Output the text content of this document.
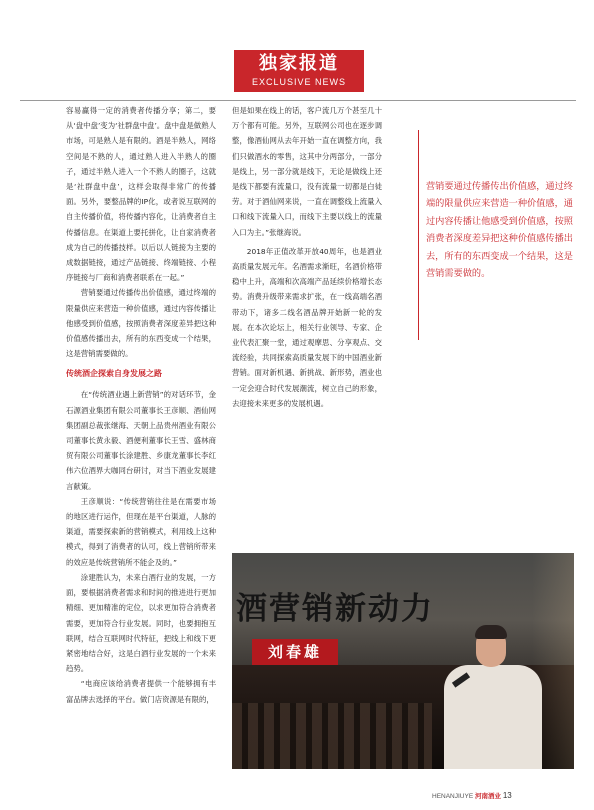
独家报道
EXCLUSIVE NEWS

容易赢得一定的消费者传播分享；第二，要从‘盘中盘’变为‘社群盘中盘’。盘中盘是做熟人市场，可是熟人是有限的。酒是半熟人，网络空间是不熟的人，通过熟人进入半熟人的圈子，通过半熟人进入一个不熟人的圈子，这就是‘社群盘中盘’，这样会取得非常广的传播面。另外，要整品牌的IP化，或者说互联网的自主传播价值，将传播内容化，让消费者自主传播信息。在渠道上要托拼化，让自家消费者成为自己的传播技样。以后以人链接为主要的成数据链接，通过产品链接、终端链接、小程序链接与厂商和消费者联系在一起。”

营销要通过传播传出价值感，通过终端的限量供应来营造一种价值感，通过内容传播让他感受到价值感，按照消费者深度差异把这种价值感传播出去，所有的东西变成一个结果，这是营销需要做的。

传统酒企探索自身发展之路

在“传统酒业遇上新营销”的对话环节，金石源酒业集团有限公司董事长王彦顺、酒仙网集团副总裁张继海、天朝上品贵州酒业有限公司董事长黄永毅、酒便利董事长王雪、盛林商贸有限公司董事长涂建胜、乡康龙董事长李红伟六位酒界大咖同台研讨，对当下酒业发展建言献策。

王彦顺说：“传统营销往往是在需要市场的地区进行运作，但现在是平台渠道，人脉的渠道，需要探索新的营销模式，利用线上这种模式，得到了消费者的认可，线上营销所带来的效应是传统营销所不能企及的。”

涂建胜认为，未来白酒行业的发展，一方面，要根据消费者需求和时间的推进进行更加精细、更加精准的定位，以求更加符合消费者需要，更加符合行业发展。同时，也要拥抱互联网，结合互联网时代特征，把线上和线下更紧密地结合好，这是白酒行业发展的一个未来趋势。

“电商应该给消费者提供一个能够拥有丰富品牌去选择的平台。做门店资源是有限的，

但是如果在线上的话，客户流几万个甚至几十万个都有可能。另外，互联网公司也在逐步调整，像酒仙网从去年开始一直在调整方向，我们只做酒水的零售，这其中分两部分，一部分是线上，另一部分就是线下，无论是做线上还是线下都要有流量口，没有流量一切都是白徒劳。对于酒仙网来说，一直在调整线上流量入口和线下流量入口，而线下主要以线上的流量入口为主。”张继海说。

2018年正值改革开放40周年，也是酒业高质量发展元年。名酒需求渐旺，名酒价格带稳中上升，高端和次高端产品延续价格增长态势。消费升级带来需求扩张，在一线高端名酒带动下，诸多二线名酒品牌开始新一轮的发展。在本次论坛上，相关行业领导、专家、企业代表汇聚一堂，通过观摩思、分享观点、交流经验，共同探索高质量发展下的中国酒业新营销。面对新机遇、新挑战、新形势，酒业也一定会迎合时代发展潮流，树立自己的形象，去迎接未来更多的发展机遇。

营销要通过传播传出价值感，通过终端的限量供应来营造一种价值感，通过内容传播让他感受到价值感，按照消费者深度差异把这种价值感传播出去，所有的东西变成一个结果，这是营销需要做的。
酒营销新动力
刘春雄
HENANJIUYE 河南酒业 13
